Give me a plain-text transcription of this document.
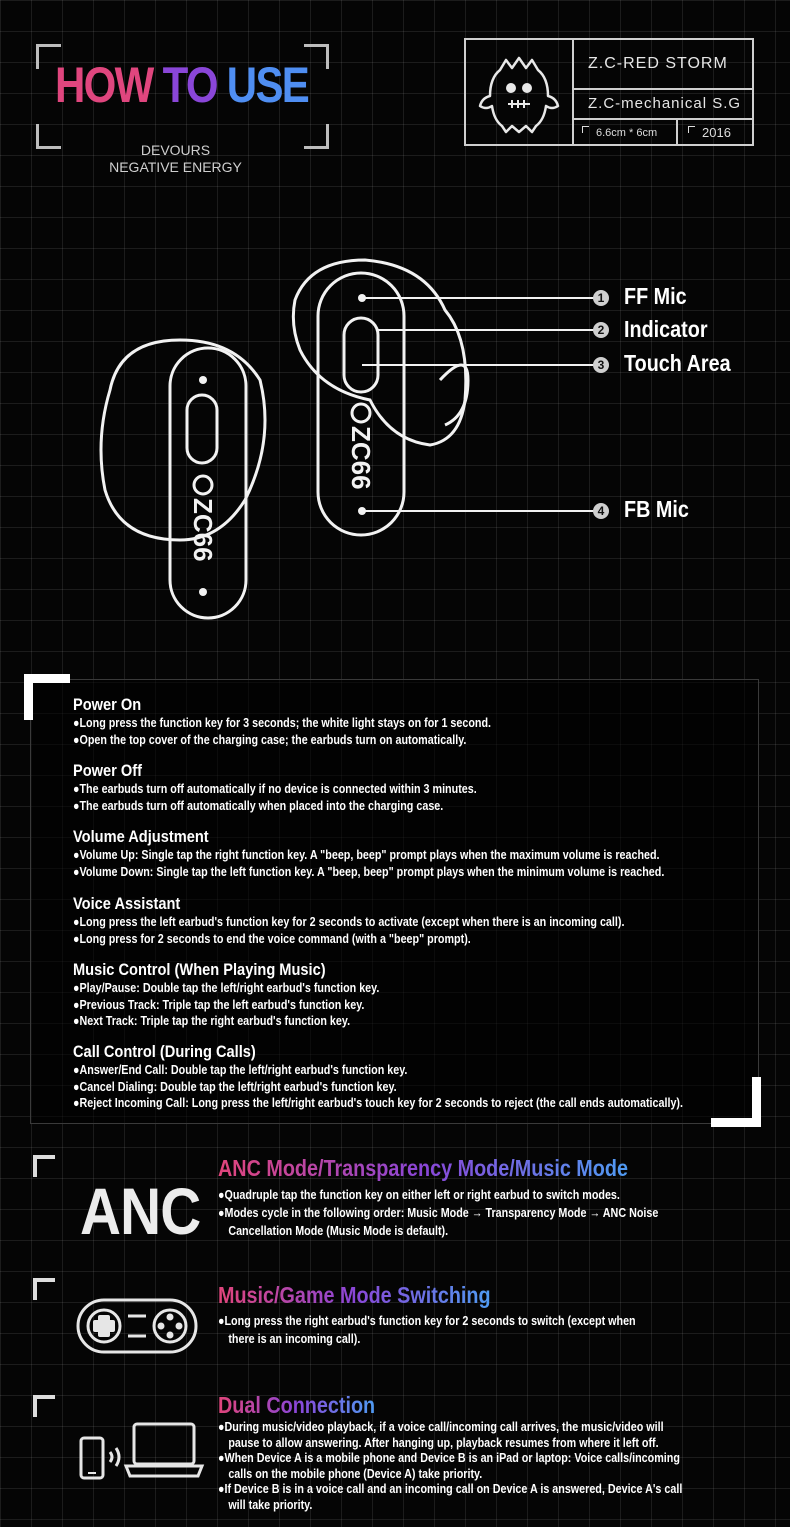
HOW TO USE
DEVOURS
NEGATIVE ENERGY
Z.C-RED STORM
Z.C-mechanical S.G
6.6cm * 6cm	2016
ZC66
ZC66
1 FF Mic
2 Indicator
3 Touch Area
4 FB Mic
Power On
●Long press the function key for 3 seconds; the white light stays on for 1 second.
●Open the top cover of the charging case; the earbuds turn on automatically.
Power Off
●The earbuds turn off automatically if no device is connected within 3 minutes.
●The earbuds turn off automatically when placed into the charging case.
Volume Adjustment
●Volume Up: Single tap the right function key. A "beep, beep" prompt plays when the maximum volume is reached.
●Volume Down: Single tap the left function key. A "beep, beep" prompt plays when the minimum volume is reached.
Voice Assistant
●Long press the left earbud's function key for 2 seconds to activate (except when there is an incoming call).
●Long press for 2 seconds to end the voice command (with a "beep" prompt).
Music Control (When Playing Music)
●Play/Pause: Double tap the left/right earbud's function key.
●Previous Track: Triple tap the left earbud's function key.
●Next Track: Triple tap the right earbud's function key.
Call Control (During Calls)
●Answer/End Call: Double tap the left/right earbud's function key.
●Cancel Dialing: Double tap the left/right earbud's function key.
●Reject Incoming Call: Long press the left/right earbud's touch key for 2 seconds to reject (the call ends automatically).
ANC
ANC Mode/Transparency Mode/Music Mode
●Quadruple tap the function key on either left or right earbud to switch modes.
●Modes cycle in the following order: Music Mode → Transparency Mode → ANC Noise
Cancellation Mode (Music Mode is default).
Music/Game Mode Switching
●Long press the right earbud's function key for 2 seconds to switch (except when
there is an incoming call).
Dual Connection
●During music/video playback, if a voice call/incoming call arrives, the music/video will
pause to allow answering. After hanging up, playback resumes from where it left off.
●When Device A is a mobile phone and Device B is an iPad or laptop: Voice calls/incoming
calls on the mobile phone (Device A) take priority.
●If Device B is in a voice call and an incoming call on Device A is answered, Device A's call
will take priority.
